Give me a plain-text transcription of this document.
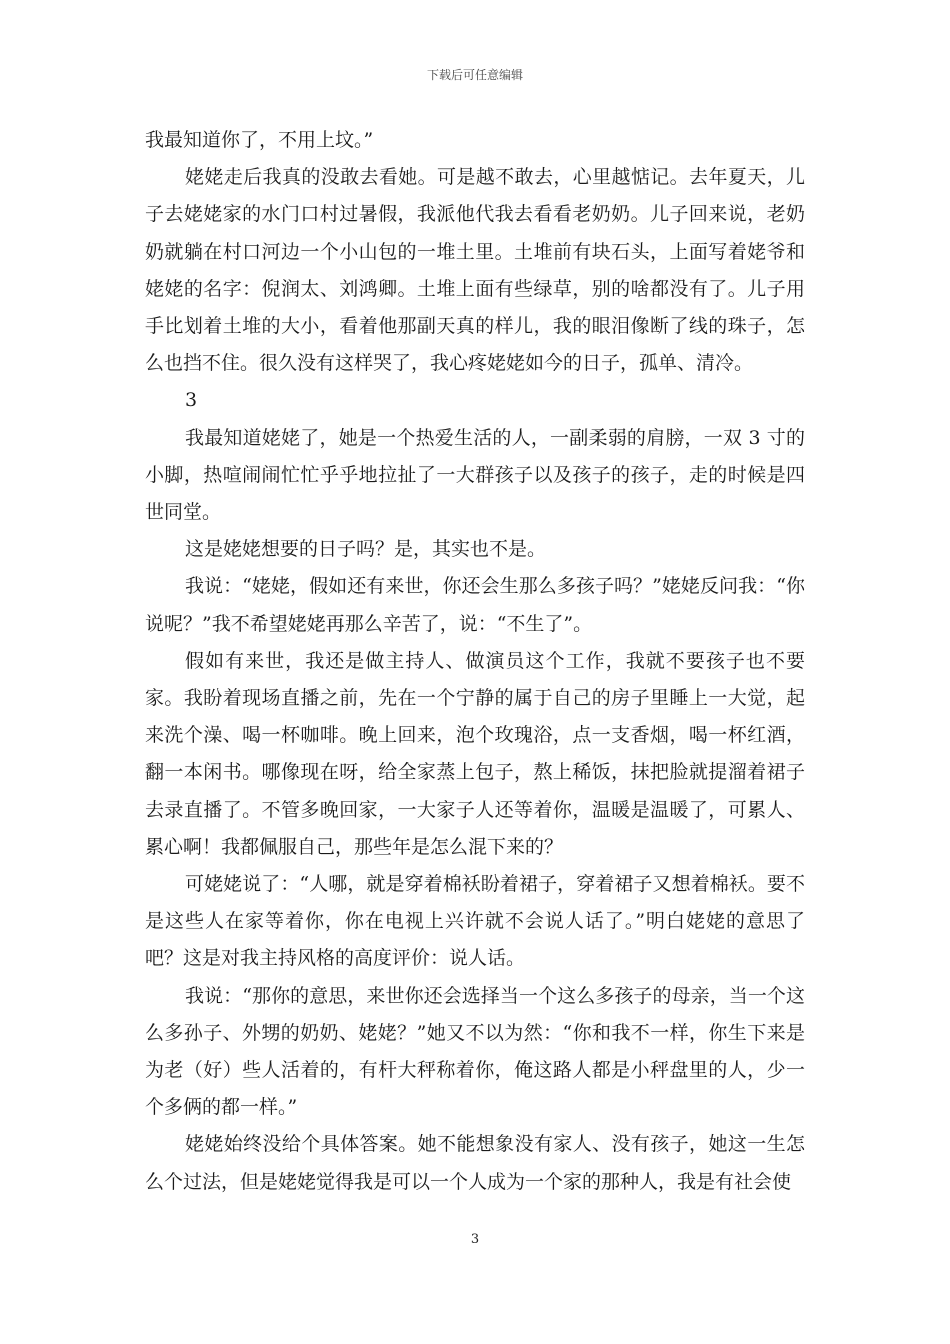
下载后可任意编辑

我最知道你了，不用上坟。”

姥姥走后我真的没敢去看她。可是越不敢去，心里越惦记。去年夏天，儿子去姥姥家的水门口村过暑假，我派他代我去看看老奶奶。儿子回来说，老奶奶就躺在村口河边一个小山包的一堆土里。土堆前有块石头，上面写着姥爷和姥姥的名字：倪润太、刘鸿卿。土堆上面有些绿草，别的啥都没有了。儿子用手比划着土堆的大小，看着他那副天真的样儿，我的眼泪像断了线的珠子，怎么也挡不住。很久没有这样哭了，我心疼姥姥如今的日子，孤单、清冷。

3

我最知道姥姥了，她是一个热爱生活的人，一副柔弱的肩膀，一双 3 寸的小脚，热喧闹闹忙忙乎乎地拉扯了一大群孩子以及孩子的孩子，走的时候是四世同堂。

这是姥姥想要的日子吗？是，其实也不是。

我说：“姥姥，假如还有来世，你还会生那么多孩子吗？”姥姥反问我：“你说呢？”我不希望姥姥再那么辛苦了，说：“不生了”。

假如有来世，我还是做主持人、做演员这个工作，我就不要孩子也不要家。我盼着现场直播之前，先在一个宁静的属于自己的房子里睡上一大觉，起来洗个澡、喝一杯咖啡。晚上回来，泡个玫瑰浴，点一支香烟，喝一杯红酒，翻一本闲书。哪像现在呀，给全家蒸上包子，熬上稀饭，抹把脸就提溜着裙子去录直播了。不管多晚回家，一大家子人还等着你，温暖是温暖了，可累人、累心啊！我都佩服自己，那些年是怎么混下来的？

可姥姥说了：“人哪，就是穿着棉袄盼着裙子，穿着裙子又想着棉袄。要不是这些人在家等着你，你在电视上兴许就不会说人话了。”明白姥姥的意思了吧？这是对我主持风格的高度评价：说人话。

我说：“那你的意思，来世你还会选择当一个这么多孩子的母亲，当一个这么多孙子、外甥的奶奶、姥姥？”她又不以为然：“你和我不一样，你生下来是为老（好）些人活着的，有杆大秤称着你，俺这路人都是小秤盘里的人，少一个多俩的都一样。”

姥姥始终没给个具体答案。她不能想象没有家人、没有孩子，她这一生怎么个过法，但是姥姥觉得我是可以一个人成为一个家的那种人，我是有社会使

3
